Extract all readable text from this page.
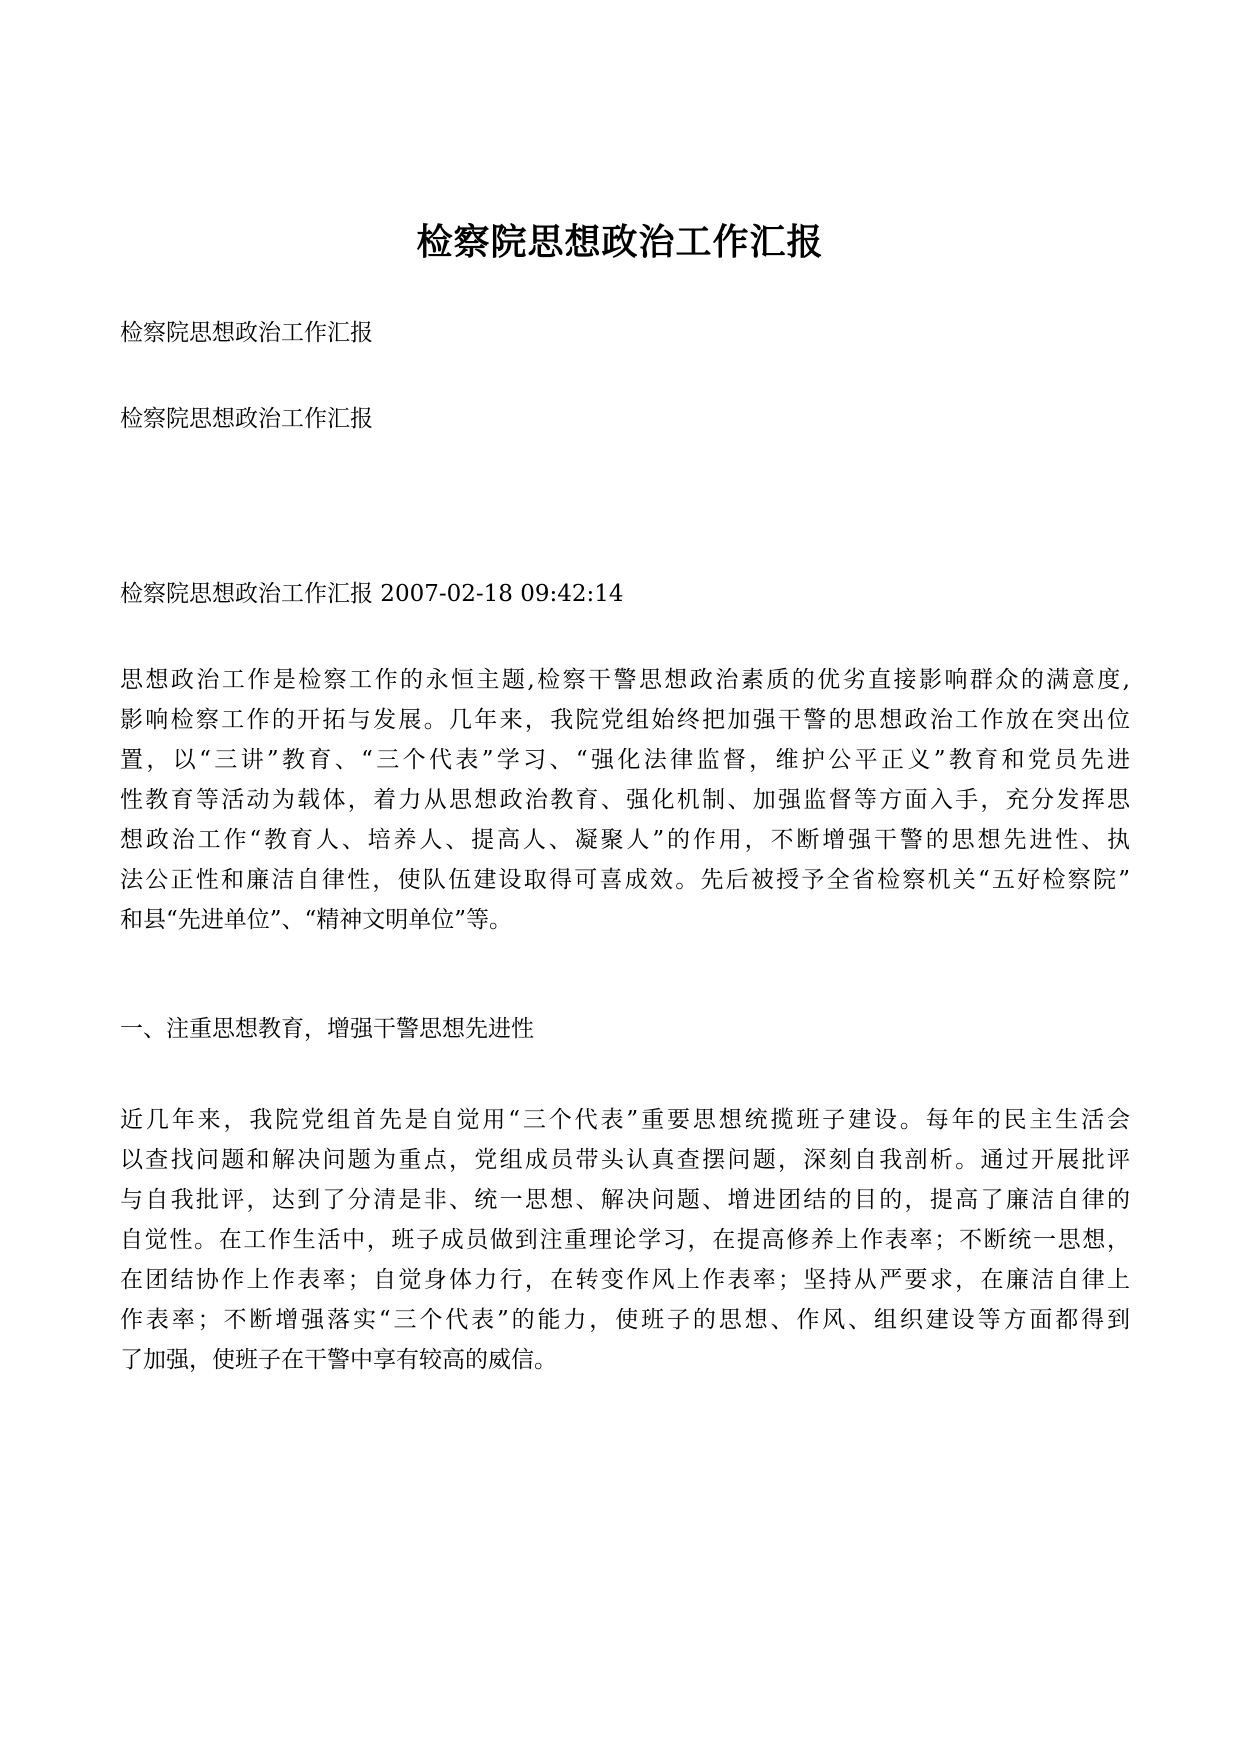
检察院思想政治工作汇报
检察院思想政治工作汇报
检察院思想政治工作汇报
检察院思想政治工作汇报 2007-02-18 09:42:14
思想政治工作是检察工作的永恒主题,检察干警思想政治素质的优劣直接影响群众的满意度,
影响检察工作的开拓与发展。几年来，我院党组始终把加强干警的思想政治工作放在突出位
置，以“三讲”教育、“三个代表”学习、“强化法律监督，维护公平正义”教育和党员先进
性教育等活动为载体，着力从思想政治教育、强化机制、加强监督等方面入手，充分发挥思
想政治工作“教育人、培养人、提高人、凝聚人”的作用，不断增强干警的思想先进性、执
法公正性和廉洁自律性，使队伍建设取得可喜成效。先后被授予全省检察机关“五好检察院”
和县“先进单位”、“精神文明单位”等。
一、注重思想教育，增强干警思想先进性
近几年来，我院党组首先是自觉用“三个代表”重要思想统揽班子建设。每年的民主生活会
以查找问题和解决问题为重点，党组成员带头认真查摆问题，深刻自我剖析。通过开展批评
与自我批评，达到了分清是非、统一思想、解决问题、增进团结的目的，提高了廉洁自律的
自觉性。在工作生活中，班子成员做到注重理论学习，在提高修养上作表率；不断统一思想，
在团结协作上作表率；自觉身体力行，在转变作风上作表率；坚持从严要求，在廉洁自律上
作表率；不断增强落实“三个代表”的能力，使班子的思想、作风、组织建设等方面都得到
了加强，使班子在干警中享有较高的威信。
